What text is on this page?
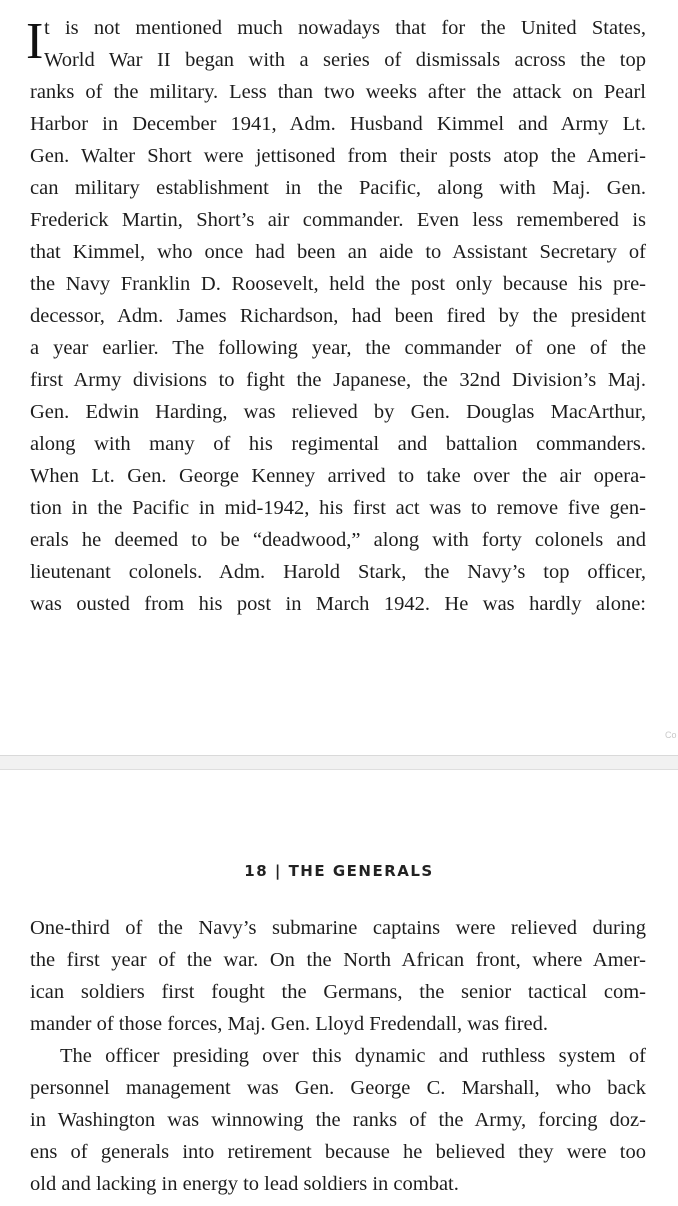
I t is not mentioned much nowadays that for the United States,
World War II began with a series of dismissals across the top
ranks of the military. Less than two weeks after the attack on Pearl
Harbor in December 1941, Adm. Husband Kimmel and Army Lt.
Gen. Walter Short were jettisoned from their posts atop the Ameri-
can military establishment in the Pacific, along with Maj. Gen.
Frederick Martin, Short’s air commander. Even less remembered is
that Kimmel, who once had been an aide to Assistant Secretary of
the Navy Franklin D. Roosevelt, held the post only because his pre-
decessor, Adm. James Richardson, had been fired by the president
a year earlier. The following year, the commander of one of the
first Army divisions to fight the Japanese, the 32nd Division’s Maj.
Gen. Edwin Harding, was relieved by Gen. Douglas MacArthur,
along with many of his regimental and battalion commanders.
When Lt. Gen. George Kenney arrived to take over the air opera-
tion in the Pacific in mid-1942, his first act was to remove five gen-
erals he deemed to be “deadwood,” along with forty colonels and
lieutenant colonels. Adm. Harold Stark, the Navy’s top officer,
was ousted from his post in March 1942. He was hardly alone:
Co
18 | THE GENERALS
One-third of the Navy’s submarine captains were relieved during
the first year of the war. On the North African front, where Amer-
ican soldiers first fought the Germans, the senior tactical com-
mander of those forces, Maj. Gen. Lloyd Fredendall, was fired.
The officer presiding over this dynamic and ruthless system of
personnel management was Gen. George C. Marshall, who back
in Washington was winnowing the ranks of the Army, forcing doz-
ens of generals into retirement because he believed they were too
old and lacking in energy to lead soldiers in combat.
